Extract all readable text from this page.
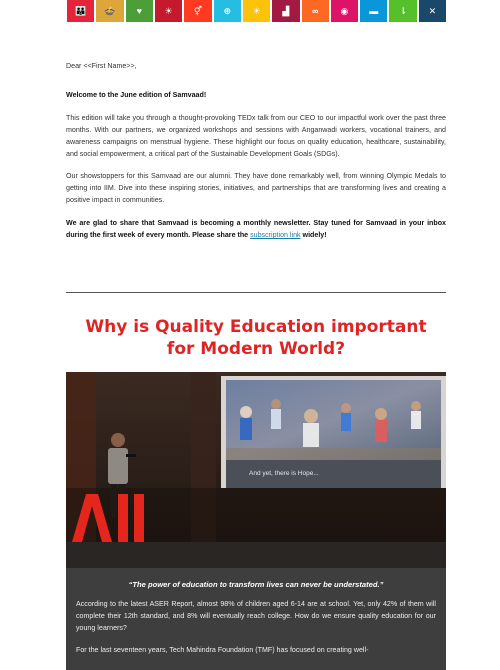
👪	🍲	♥	☀	⚥	⊕	☀	▟	∞	◉	▬	⇂	✕

Dear <<First Name>>,

Welcome to the June edition of Samvaad!

This edition will take you through a thought-provoking TEDx talk from our CEO to our impactful work over the past three months. With our partners, we organized workshops and sessions with Anganwadi workers, vocational trainers, and awareness campaigns on menstrual hygiene. These highlight our focus on quality education, healthcare, sustainability, and social empowerment, a critical part of the Sustainable Development Goals (SDGs).

Our showstoppers for this Samvaad are our alumni. They have done remarkably well, from winning Olympic Medals to getting into IIM. Dive into these inspiring stories, initiatives, and partnerships that are transforming lives and creating a positive impact in communities.

We are glad to share that Samvaad is becoming a monthly newsletter. Stay tuned for Samvaad in your inbox during the first week of every month. Please share the subscription link widely!

Why is Quality Education important
for Modern World?
And yet, there is Hope...

“The power of education to transform lives can never be understated.”

According to the latest ASER Report, almost 98% of children aged 6-14 are at school. Yet, only 42% of them will complete their 12th standard, and 8% will eventually reach college. How do we ensure quality education for our young learners?

For the last seventeen years, Tech Mahindra Foundation (TMF) has focused on creating well-
